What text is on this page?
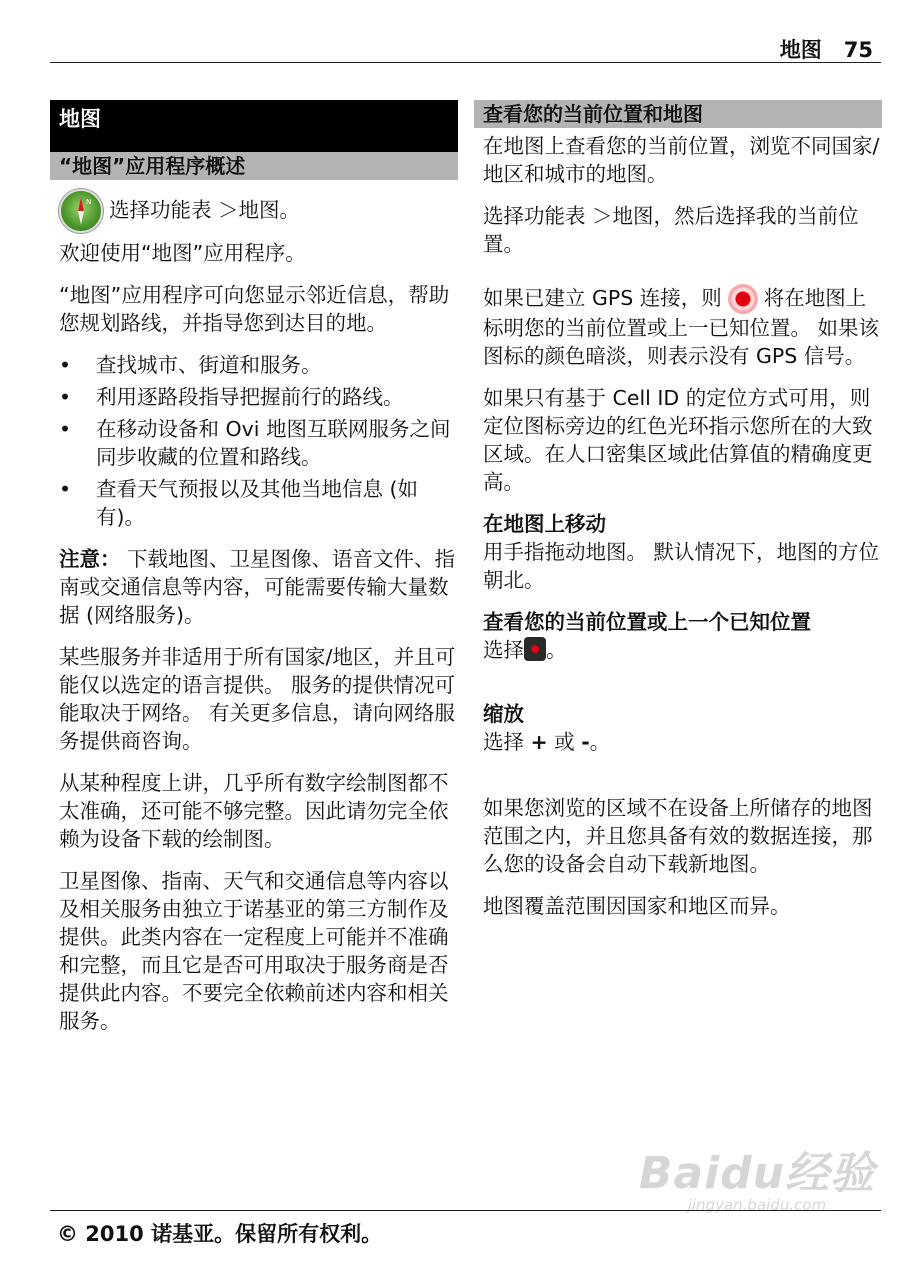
地图 75
地图
“地图”应用程序概述
N 选择功能表 ＞地图。

欢迎使用“地图”应用程序。

“地图”应用程序可向您显示邻近信息，帮助您规划路线，并指导您到达目的地。

• 查找城市、街道和服务。
• 利用逐路段指导把握前行的路线。
• 在移动设备和 Ovi 地图互联网服务之间同步收藏的位置和路线。
• 查看天气预报以及其他当地信息 (如有)。

注意： 下载地图、卫星图像、语音文件、指南或交通信息等内容，可能需要传输大量数据 (网络服务)。

某些服务并非适用于所有国家/地区，并且可能仅以选定的语言提供。 服务的提供情况可能取决于网络。 有关更多信息，请向网络服务提供商咨询。

从某种程度上讲，几乎所有数字绘制图都不太准确，还可能不够完整。因此请勿完全依赖为设备下载的绘制图。

卫星图像、指南、天气和交通信息等内容以及相关服务由独立于诺基亚的第三方制作及提供。此类内容在一定程度上可能并不准确和完整，而且它是否可用取决于服务商是否提供此内容。不要完全依赖前述内容和相关服务。

查看您的当前位置和地图

在地图上查看您的当前位置，浏览不同国家/地区和城市的地图。

选择功能表 ＞地图，然后选择我的当前位置。

如果已建立 GPS 连接，则 将在地图上标明您的当前位置或上一已知位置。 如果该图标的颜色暗淡，则表示没有 GPS 信号。

如果只有基于 Cell ID 的定位方式可用，则定位图标旁边的红色光环指示您所在的大致区域。在人口密集区域此估算值的精确度更高。

在地图上移动

用手指拖动地图。 默认情况下，地图的方位朝北。

查看您的当前位置或上一个已知位置

选择 。

缩放

选择 + 或 -。

如果您浏览的区域不在设备上所储存的地图范围之内，并且您具备有效的数据连接，那么您的设备会自动下载新地图。

地图覆盖范围因国家和地区而异。

Baidu经验
jingyan.baidu.com
© 2010 诺基亚。保留所有权利。
